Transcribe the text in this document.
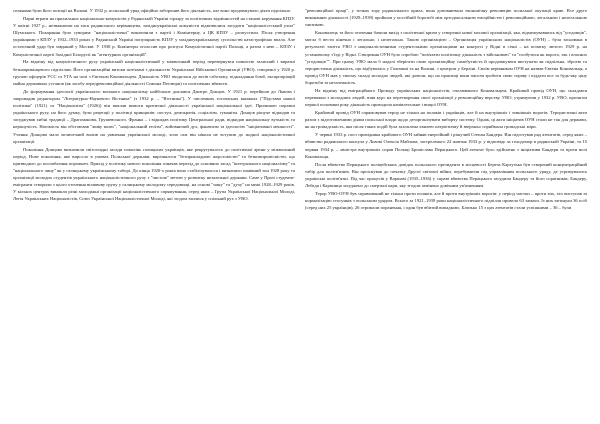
селянами були його позиції на Волині. У 1932 р. польський уряд офіційно заборонив його діяльність, але воно продовжувало діяти підпільно.

Парні втрати на прихильних національно-комуністів у Радянській Україні гірлару за політичних відмінностей на станові керування КПЗУ. У квітні 1927 р., незважаючи на тиск радянського керівництва, західноукраїнські комуністи відмовилися засудити "націоналістський ухил" Шумського. Покарання було суворим: "націоналістичні" виключили з партії і Комінтерну, а ЦК КПЗУ – розпустили. Після утворення українцями з КПЗУ у 1932–1933 роках у Радянській Україні популярність КПЗУ у західноукраїнському суспільстві катастрофічно впала. Але остаточний удар був завданий у Москві: У 1938 р. Комінтерн оголосив про розпуск Комуністичної партії Польщі, а разом з нею – КПЗУ і Комуністичної партії Західної Білорусії як "агентурних організацій".

На відміну від комуністичного руху українській націоналістичний у міжвоєнний період перевернувся повністю захисний і виразні безнаприкінцевого підпіллям. Його організаційні витоки пов'язані з діяльністю Української Військової Організації (УВО), створеної у 1920 р. групою офіцерів УСС та УГА на чолі з Євгеном Коновальцем. Діяльність УВО зводилася до актів саботажу, підкладання бомб, експропріацій майна державних установ (як засобу передреволюційної діяльності Симона Петлюри) та політичних вбивств.

До формування ідеології українського воєнного націоналізму найбільше доклався Дмитро Донцов. У 1921 р. перейшов до Львова і запровадив редактором "Літературно-Наукового Вістника" (з 1932 р. – "Вістника"). У численних тогочасних книжках ("Підстави нашої політики" (1921) та "Націоналізм" (1926)) він виклав вимоги критичної діяльності української національної ідеї. Причиною поразки українського руху, на його думку, були рецепції у політиці принципів: поступ, демократія, соціалізм, гуманізм. Донцов рішуче відкидав та засуджував хибні традиції – Драгоманова, Грушевського, Франка – і відкидав політику Центральної ради, відкидав національну вузькість та нерішучість. Натомість він обстоював "живу волю", "національний егоїзм", войовничий дух, фанатизм та ідеологію "ініціативної меншості". Учення Донцова мало величезний вплив на уявлення української молоді, хоча сам він ніколи не вступив до жодної націоналістичної організації.

Покоління Донцова визначили світоглядні засади поколінь галицьких українців, яке рекрутувалось до політичної арени у міжвоєнний період. Нове покоління, яке виросло в умовах Польської держави, вирізнялося "безприкладною жорстокістю" та безкомпромісністю, що призводило до поглиблення порожнеч. Прихід у політику нового покоління означав перехід до основних засад "інтегрального націоналізму" та "національного чину" як у галицькому українському таборі. До кінця 1920-х років воно стабілізувалося і визначило панівний тон 1928 року та організації молодих студентів українського націоналістичного руху з "чистою" метою у розвитку незалежної держави. Саме у Празі студенти-емігранти створили з цього оточення впливову групу у галицькому молодому середовищі, на основі "чину" та "духу" на межі 1928–1929 років. У кількох центрах виникли різні молодіжні організації націоналістичного спрямування, серед яких – Група Української Національної Молоді, Легія Українських Націоналістів, Союз Української Націоналістичної Молоді, які згодом злилися у спільний рух з УВО.

"революційної праці", у точках зору радикального крила, вона доповнювала економічну революцію польської окупації краю. Все друге виконанню діяльності (1929–1939) пройшов у постійній боротьбі між ортодоксальною емоційністю і революційною, легальною і нелегальною тактикою.

Коновалець та його оточення бачили вихід з політичної кризи у створенні нової масової організації, яка, відмежувавшись від "угодовців", могла б вести кінечно і легально, і нелегально. Такою організацією – Організація українських націоналістів (ОУН) – була заснована в результаті злиття УВО з націоналістичними студентськими організаціями на конгресі у Відні в січні – на початку лютого 1929 р. на установчому з'їзді у Відні. Створення ОУН було спробою "пов'язати політичну діяльність з військовою" та "позбутися як ворога, так і власних "угодовців"". При цьому УВО мала б надалі зберігати свою організаційну самобутність й продовжувати виступати як підпільна, зброєю та терористична діяльність, що відбувалась у Галичині та на Волині, з центром у Берліні. Своїм керівником ОУН на назвав Євгена Коновальця, а провід ОУН мав у своєму складі молодих людей, які довели, що на практиці вони змогли зробити свою справу і віддати все за будь-яку ціну боротьби за незалежність.

На відміну від еміграційного Проводу українських націоналістів, очолюваного Коновальцем, Крайовий провід ОУН, що складався переважно з молодших людей, взяв курс на перетворення своєї організації у революційну верству. УВО, утримуючи у 1932 р. УВО, протягом першої половини року діяльність проводила напівлегальне і вищої ОУН.

Крайовий провід ОУН спрямовував терор не тільки на поляків і українців, але й на внутрішніх і зовнішніх ворогів. Терористичні акти разом з підготовленими діями польської влади щодо дезорганізувати виборчу систему. Однак, ці акти ініціатив ОУН стали не так для держави, як на громадськість, яка після таких подій була захоплена хвилею патріотизму й зверхньо сприймала громадські міри.

У червні 1933 р. пост провідника крайового ОУН зайняв енергійний і рішучий Степан Бандера. Він підготував ряд атентатів, серед яких – вбивство радянського консула у Львові Олексія Майлова, застреленого 22 жовтня 1933 р. у відповідь за голодомор в радянській Україні, та 15 червня 1934 р. – міністра внутрішніх справ Польщі Броніслава Перацького. Цей атентат було здійснено з ініціативи Бандери та проти волі Коновальця.

Після вбивства Перацького поліцейських довідок польського президента в місцевості Береза Картузька був створений концентраційний табір для політв'язнів. Він проіснував до початку Другої світової війни, перебуваючи під управлінням польського уряду, де утримувались українські політв'язні. Під час процесів у Варшаві (1935–1936) у справі вбивства Перацького засудили Бандеру та його соратників; Бандеру, Лебедя і Карпинця засуджено до смертної кари, яку згодом замінено довічним ув'язненням.

Терор УВО-ОУН був спрямований не тільки проти поляків, але й проти внутрішніх ворогів: у період чистки – проти тих, хто виступав за нормалізацію стосунків з польським урядом. Всього за 1921–1939 роки націоналістичного підпілля провело 63 замахи. Із них загинули 36 осіб (серед них 25 українців), 26 отримали поранення, і один був вбитий випадково. Близько 15 з цих атентатів стали успішними – 36 – були
